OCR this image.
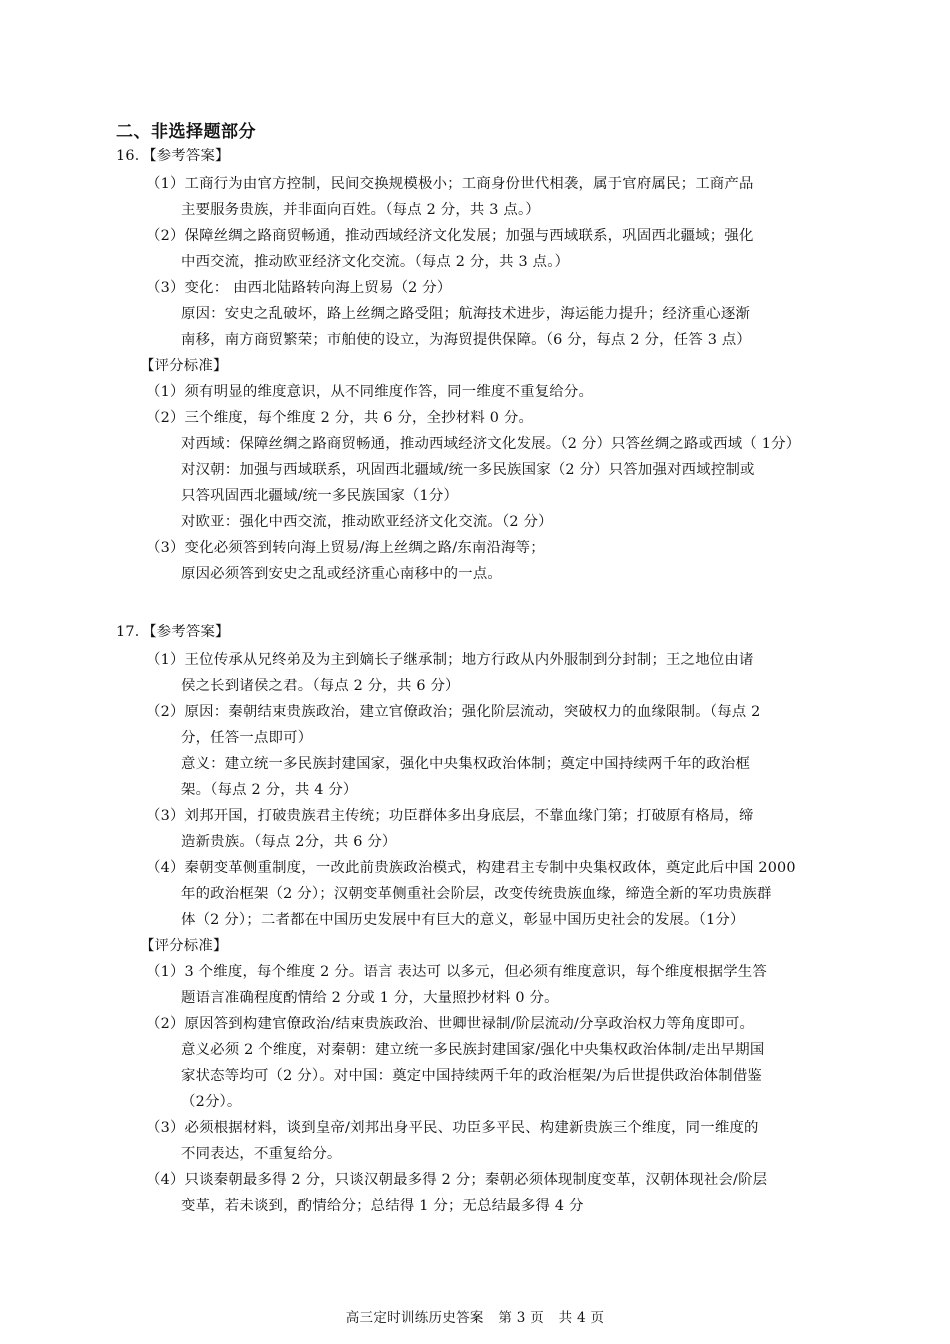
二、非选择题部分
16．【参考答案】
（1）工商行为由官方控制，民间交换规模极小；工商身份世代相袭，属于官府属民；工商产品
主要服务贵族，并非面向百姓。（每点 2 分，共 3 点。）
（2）保障丝绸之路商贸畅通，推动西域经济文化发展；加强与西域联系，巩固西北疆域；强化
中西交流，推动欧亚经济文化交流。（每点 2 分，共 3 点。）
（3）变化： 由西北陆路转向海上贸易（2 分）
原因：安史之乱破坏，路上丝绸之路受阻；航海技术进步，海运能力提升；经济重心逐渐
南移，南方商贸繁荣；市舶使的设立，为海贸提供保障。（6 分，每点 2 分，任答 3 点）
【评分标准】
（1）须有明显的维度意识，从不同维度作答，同一维度不重复给分。
（2）三个维度，每个维度 2 分，共 6 分，全抄材料 0 分。
对西域：保障丝绸之路商贸畅通，推动西域经济文化发展。（2 分）只答丝绸之路或西域（ 1分）
对汉朝：加强与西域联系，巩固西北疆域/统一多民族国家（2 分）只答加强对西域控制或
只答巩固西北疆域/统一多民族国家（1分）
对欧亚：强化中西交流，推动欧亚经济文化交流。（2 分）
（3）变化必须答到转向海上贸易/海上丝绸之路/东南沿海等；
原因必须答到安史之乱或经济重心南移中的一点。
17．【参考答案】
（1）王位传承从兄终弟及为主到嫡长子继承制；地方行政从内外服制到分封制；王之地位由诸
侯之长到诸侯之君。（每点 2 分，共 6 分）
（2）原因：秦朝结束贵族政治，建立官僚政治；强化阶层流动，突破权力的血缘限制。（每点 2
分，任答一点即可）
意义：建立统一多民族封建国家，强化中央集权政治体制；奠定中国持续两千年的政治框
架。（每点 2 分，共 4 分）
（3）刘邦开国，打破贵族君主传统；功臣群体多出身底层，不靠血缘门第；打破原有格局，缔
造新贵族。（每点 2分，共 6 分）
（4）秦朝变革侧重制度，一改此前贵族政治模式，构建君主专制中央集权政体，奠定此后中国 2000
年的政治框架（2 分）；汉朝变革侧重社会阶层，改变传统贵族血缘，缔造全新的军功贵族群
体（2 分）；二者都在中国历史发展中有巨大的意义，彰显中国历史社会的发展。（1分）
【评分标准】
（1）3 个维度，每个维度 2 分。语言 表达可 以多元，但必须有维度意识，每个维度根据学生答
题语言准确程度酌情给 2 分或 1 分，大量照抄材料 0 分。
（2）原因答到构建官僚政治/结束贵族政治、世卿世禄制/阶层流动/分享政治权力等角度即可。
意义必须 2 个维度，对秦朝：建立统一多民族封建国家/强化中央集权政治体制/走出早期国
家状态等均可（2 分）。对中国：奠定中国持续两千年的政治框架/为后世提供政治体制借鉴
（2分）。
（3）必须根据材料，谈到皇帝/刘邦出身平民、功臣多平民、构建新贵族三个维度，同一维度的
不同表达，不重复给分。
（4）只谈秦朝最多得 2 分，只谈汉朝最多得 2 分；秦朝必须体现制度变革，汉朝体现社会/阶层
变革，若未谈到，酌情给分；总结得 1 分；无总结最多得 4 分
高三定时训练历史答案 第 3 页 共 4 页
